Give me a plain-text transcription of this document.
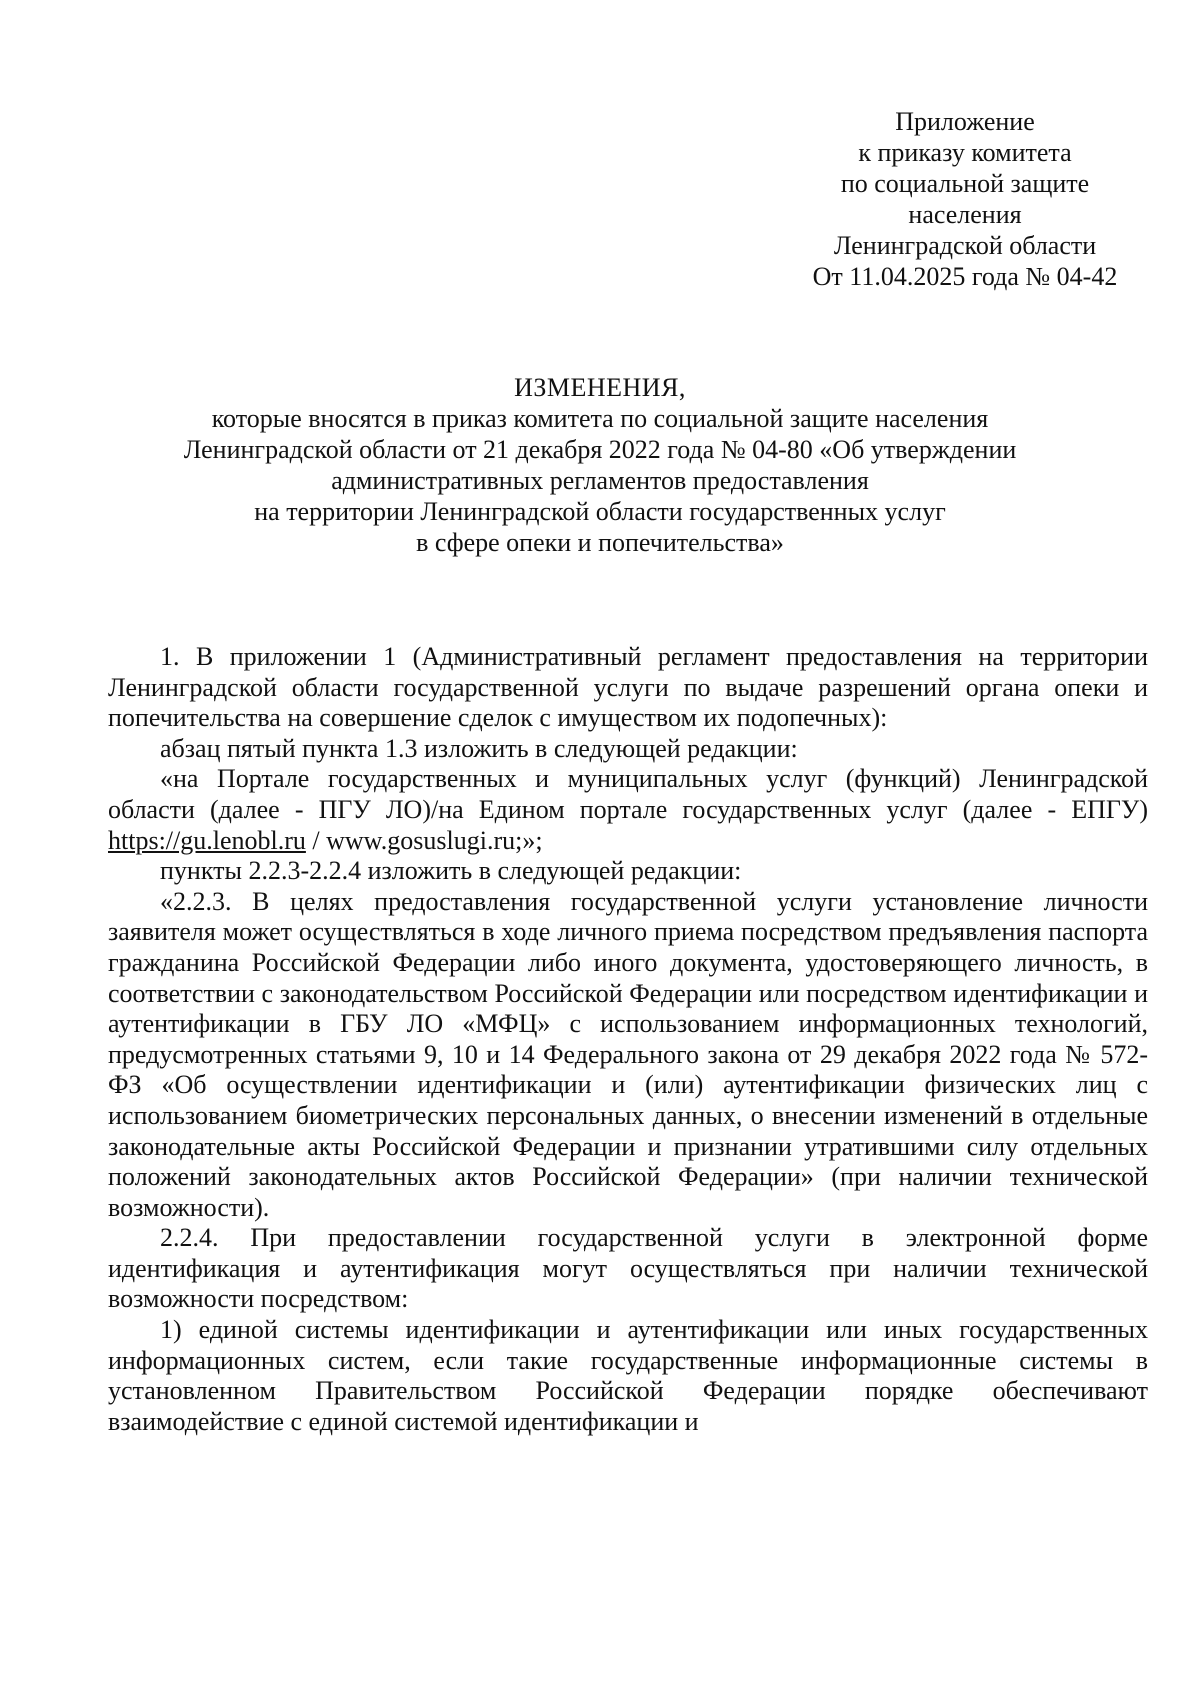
Приложение
к приказу комитета
по социальной защите
населения
Ленинградской области
От 11.04.2025 года № 04-42
ИЗМЕНЕНИЯ,
которые вносятся в приказ комитета по социальной защите населения
Ленинградской области от 21 декабря 2022 года № 04-80 «Об утверждении
административных регламентов предоставления
на территории Ленинградской области государственных услуг
в сфере опеки и попечительства»

1. В приложении 1 (Административный регламент предоставления на территории Ленинградской области государственной услуги по выдаче разрешений органа опеки и попечительства на совершение сделок с имуществом их подопечных):

абзац пятый пункта 1.3 изложить в следующей редакции:

«на Портале государственных и муниципальных услуг (функций) Ленинградской области (далее - ПГУ ЛО)/на Едином портале государственных услуг (далее - ЕПГУ) https://gu.lenobl.ru / www.gosuslugi.ru;»;

пункты 2.2.3-2.2.4 изложить в следующей редакции:

«2.2.3. В целях предоставления государственной услуги установление личности заявителя может осуществляться в ходе личного приема посредством предъявления паспорта гражданина Российской Федерации либо иного документа, удостоверяющего личность, в соответствии с законодательством Российской Федерации или посредством идентификации и аутентификации в ГБУ ЛО «МФЦ» с использованием информационных технологий, предусмотренных статьями 9, 10 и 14 Федерального закона от 29 декабря 2022 года № 572-ФЗ «Об осуществлении идентификации и (или) аутентификации физических лиц с использованием биометрических персональных данных, о внесении изменений в отдельные законодательные акты Российской Федерации и признании утратившими силу отдельных положений законодательных актов Российской Федерации» (при наличии технической возможности).

2.2.4. При предоставлении государственной услуги в электронной форме идентификация и аутентификация могут осуществляться при наличии технической возможности посредством:

1) единой системы идентификации и аутентификации или иных государственных информационных систем, если такие государственные информационные системы в установленном Правительством Российской Федерации порядке обеспечивают взаимодействие с единой системой идентификации и
